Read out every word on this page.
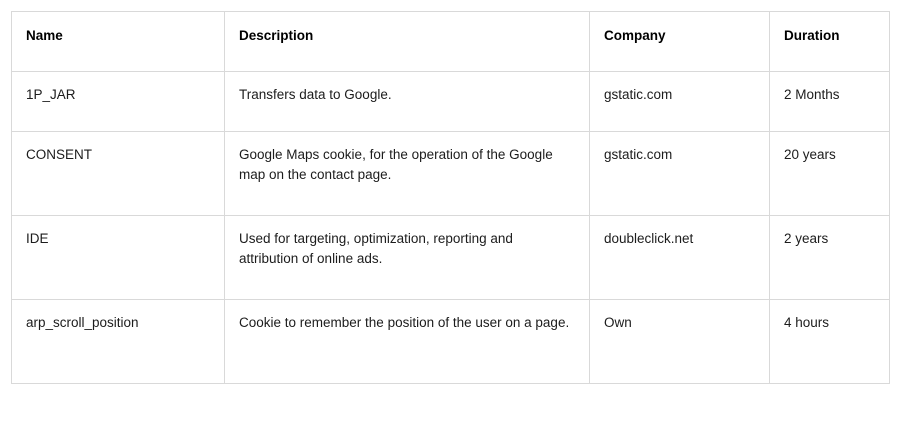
Name	Description	Company	Duration
1P_JAR	Transfers data to Google.	gstatic.com	2 Months
CONSENT	Google Maps cookie, for the operation of the Google map on the contact page.	gstatic.com	20 years
IDE	Used for targeting, optimization, reporting and attribution of online ads.	doubleclick.net	2 years
arp_scroll_position	Cookie to remember the position of the user on a page.	Own	4 hours
